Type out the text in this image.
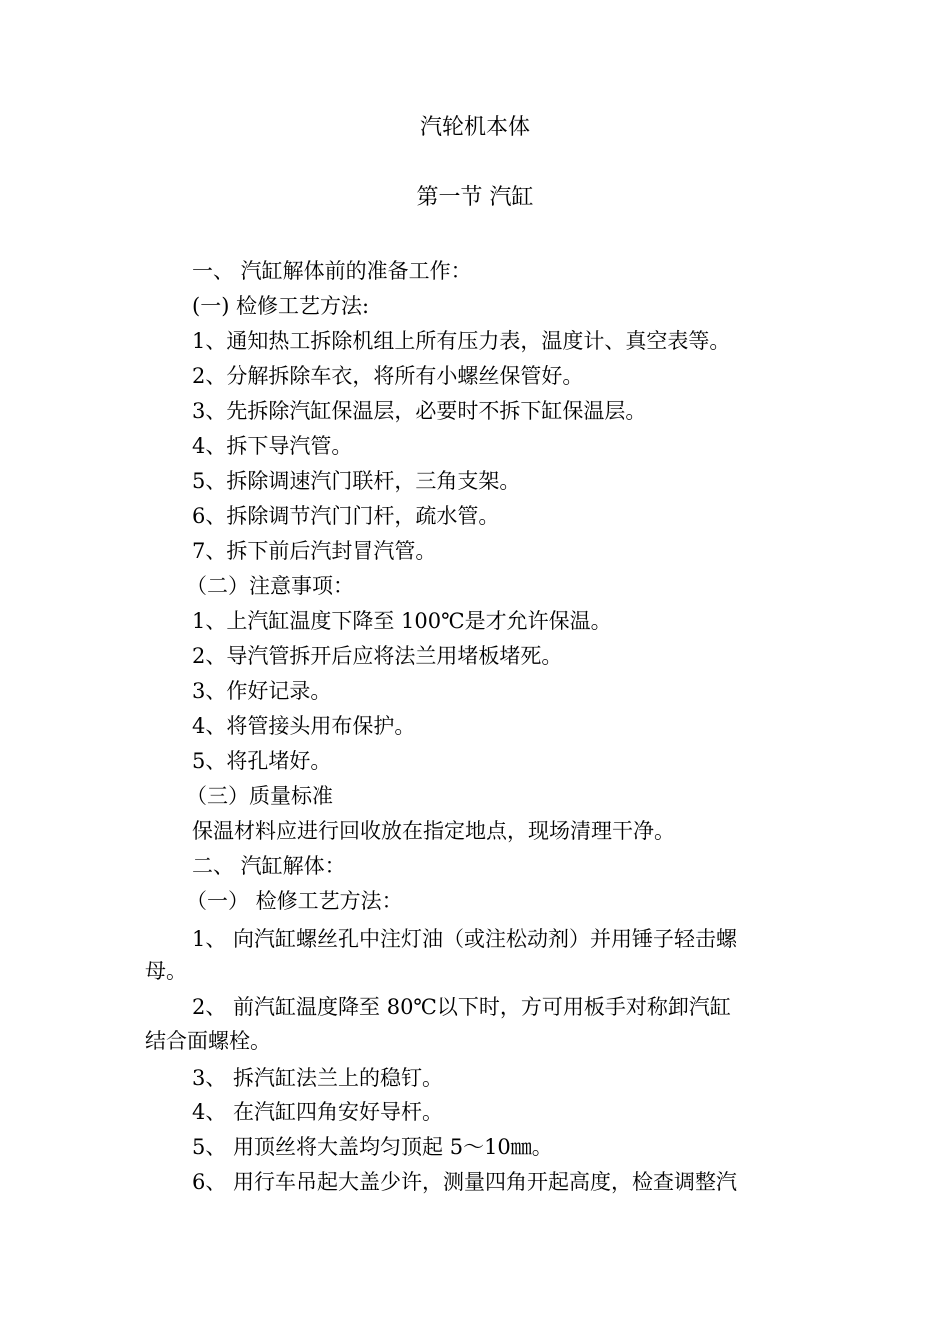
汽轮机本体
第一节 汽缸
一、 汽缸解体前的准备工作：
(一) 检修工艺方法:
1、通知热工拆除机组上所有压力表，温度计、真空表等。
2、分解拆除车衣，将所有小螺丝保管好。
3、先拆除汽缸保温层，必要时不拆下缸保温层。
4、拆下导汽管。
5、拆除调速汽门联杆，三角支架。
6、拆除调节汽门门杆，疏水管。
7、拆下前后汽封冒汽管。
（二）注意事项：
1、上汽缸温度下降至 100℃是才允许保温。
2、导汽管拆开后应将法兰用堵板堵死。
3、作好记录。
4、将管接头用布保护。
5、将孔堵好。
（三）质量标准
保温材料应进行回收放在指定地点，现场清理干净。
二、 汽缸解体：
（一） 检修工艺方法：
1、 向汽缸螺丝孔中注灯油（或注松动剂）并用锤子轻击螺
母。
2、 前汽缸温度降至 80℃以下时，方可用板手对称卸汽缸
结合面螺栓。
3、 拆汽缸法兰上的稳钉。
4、 在汽缸四角安好导杆。
5、 用顶丝将大盖均匀顶起 5～10㎜。
6、 用行车吊起大盖少许，测量四角开起高度，检查调整汽
